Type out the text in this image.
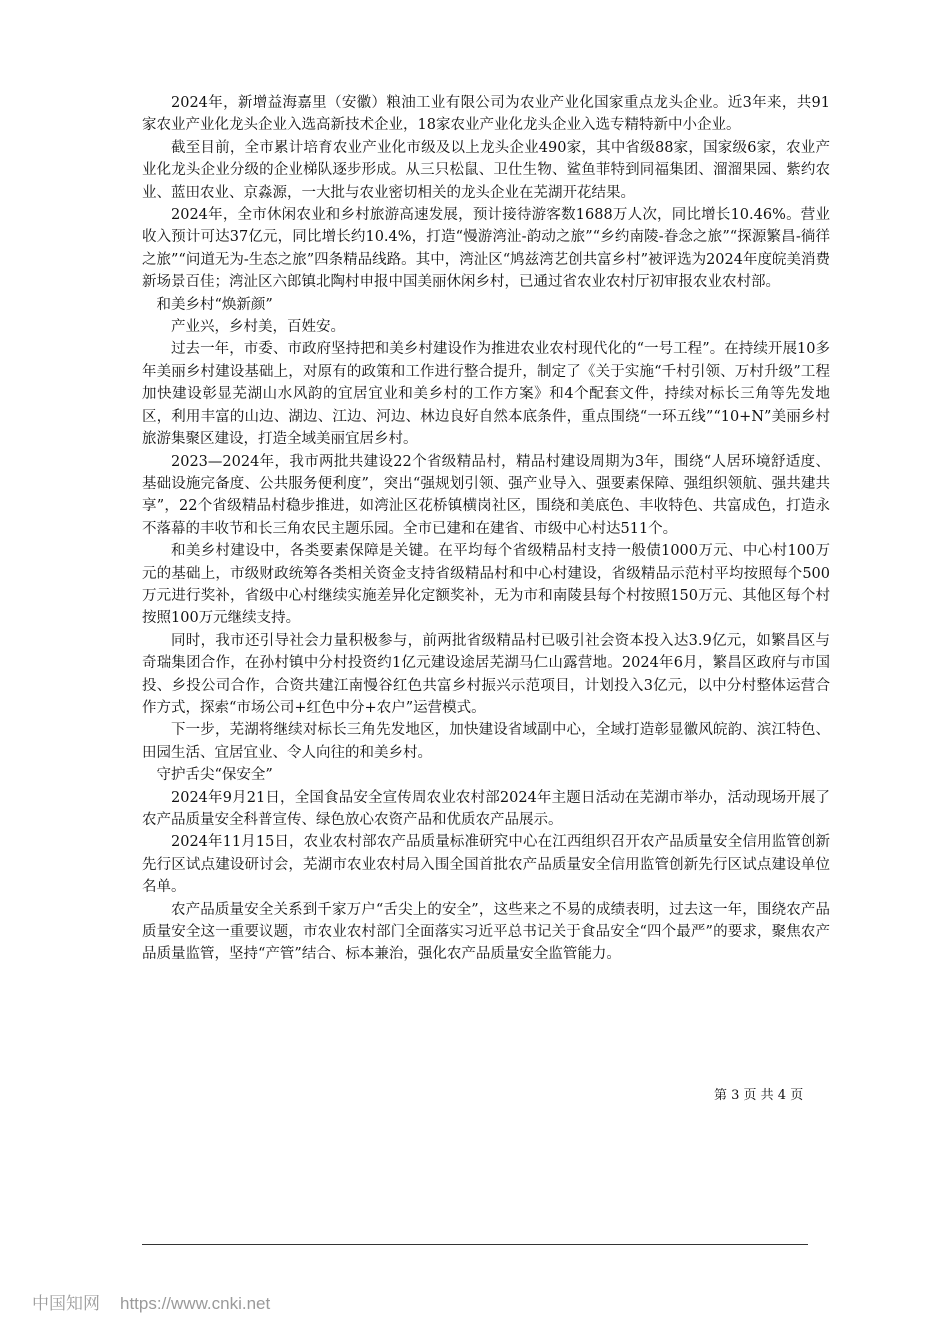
2024年，新增益海嘉里（安徽）粮油工业有限公司为农业产业化国家重点龙头企业。近3年来，共91家农业产业化龙头企业入选高新技术企业，18家农业产业化龙头企业入选专精特新中小企业。

截至目前，全市累计培育农业产业化市级及以上龙头企业490家，其中省级88家，国家级6家，农业产业化龙头企业分级的企业梯队逐步形成。从三只松鼠、卫仕生物、鲨鱼菲特到同福集团、溜溜果园、紫约农业、蓝田农业、京淼源，一大批与农业密切相关的龙头企业在芜湖开花结果。

2024年，全市休闲农业和乡村旅游高速发展，预计接待游客数1688万人次，同比增长10.46%。营业收入预计可达37亿元，同比增长约10.4%，打造“慢游湾沚-韵动之旅”“乡约南陵-眷念之旅”“探源繁昌-徜徉之旅”“问道无为-生态之旅”四条精品线路。其中，湾沚区“鸠兹湾艺创共富乡村”被评选为2024年度皖美消费新场景百佳；湾沚区六郎镇北陶村申报中国美丽休闲乡村，已通过省农业农村厅初审报农业农村部。

和美乡村“焕新颜”

产业兴，乡村美，百姓安。

过去一年，市委、市政府坚持把和美乡村建设作为推进农业农村现代化的“一号工程”。在持续开展10多年美丽乡村建设基础上，对原有的政策和工作进行整合提升，制定了《关于实施“千村引领、万村升级”工程加快建设彰显芜湖山水风韵的宜居宜业和美乡村的工作方案》和4个配套文件，持续对标长三角等先发地区，利用丰富的山边、湖边、江边、河边、林边良好自然本底条件，重点围绕“一环五线”“10+N”美丽乡村旅游集聚区建设，打造全域美丽宜居乡村。

2023—2024年，我市两批共建设22个省级精品村，精品村建设周期为3年，围绕“人居环境舒适度、基础设施完备度、公共服务便利度”，突出“强规划引领、强产业导入、强要素保障、强组织领航、强共建共享”，22个省级精品村稳步推进，如湾沚区花桥镇横岗社区，围绕和美底色、丰收特色、共富成色，打造永不落幕的丰收节和长三角农民主题乐园。全市已建和在建省、市级中心村达511个。

和美乡村建设中，各类要素保障是关键。在平均每个省级精品村支持一般债1000万元、中心村100万元的基础上，市级财政统筹各类相关资金支持省级精品村和中心村建设，省级精品示范村平均按照每个500万元进行奖补，省级中心村继续实施差异化定额奖补，无为市和南陵县每个村按照150万元、其他区每个村按照100万元继续支持。

同时，我市还引导社会力量积极参与，前两批省级精品村已吸引社会资本投入达3.9亿元，如繁昌区与奇瑞集团合作，在孙村镇中分村投资约1亿元建设途居芜湖马仁山露营地。2024年6月，繁昌区政府与市国投、乡投公司合作，合资共建江南慢谷红色共富乡村振兴示范项目，计划投入3亿元，以中分村整体运营合作方式，探索“市场公司+红色中分+农户”运营模式。

下一步，芜湖将继续对标长三角先发地区，加快建设省域副中心，全域打造彰显徽风皖韵、滨江特色、田园生活、宜居宜业、令人向往的和美乡村。

守护舌尖“保安全”

2024年9月21日，全国食品安全宣传周农业农村部2024年主题日活动在芜湖市举办，活动现场开展了农产品质量安全科普宣传、绿色放心农资产品和优质农产品展示。

2024年11月15日，农业农村部农产品质量标准研究中心在江西组织召开农产品质量安全信用监管创新先行区试点建设研讨会，芜湖市农业农村局入围全国首批农产品质量安全信用监管创新先行区试点建设单位名单。

农产品质量安全关系到千家万户“舌尖上的安全”，这些来之不易的成绩表明，过去这一年，围绕农产品质量安全这一重要议题，市农业农村部门全面落实习近平总书记关于食品安全“四个最严”的要求，聚焦农产品质量监管，坚持“产管”结合、标本兼治，强化农产品质量安全监管能力。

第 3 页 共 4 页
中国知网 https://www.cnki.net
